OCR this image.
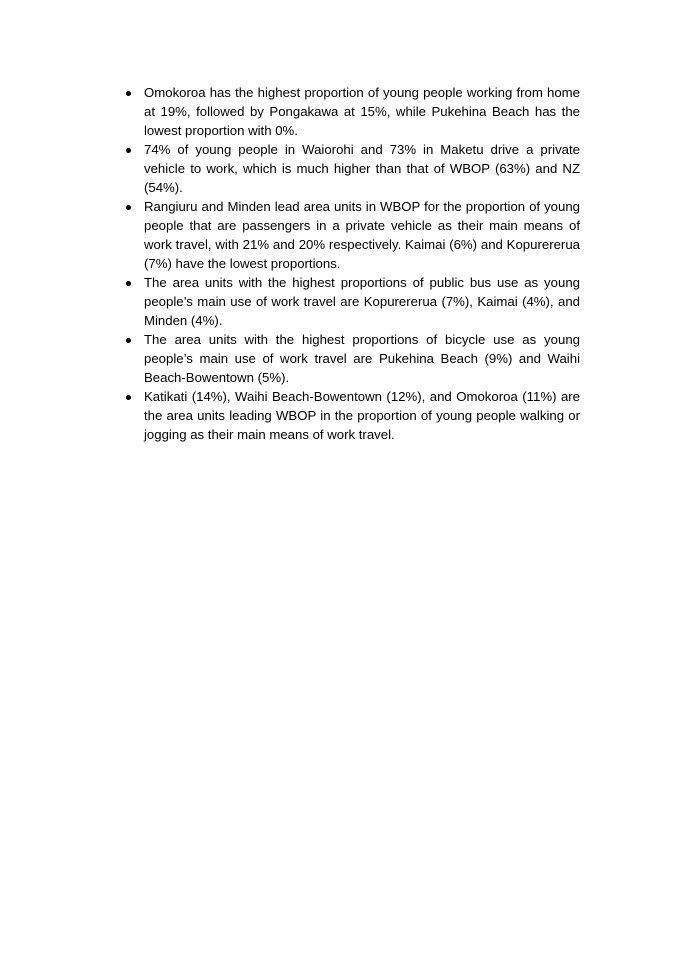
Omokoroa has the highest proportion of young people working from home at 19%, followed by Pongakawa at 15%, while Pukehina Beach has the lowest proportion with 0%.
74% of young people in Waiorohi and 73% in Maketu drive a private vehicle to work, which is much higher than that of WBOP (63%) and NZ (54%).
Rangiuru and Minden lead area units in WBOP for the proportion of young people that are passengers in a private vehicle as their main means of work travel, with 21% and 20% respectively. Kaimai (6%) and Kopurererua (7%) have the lowest proportions.
The area units with the highest proportions of public bus use as young people’s main use of work travel are Kopurererua (7%), Kaimai (4%), and Minden (4%).
The area units with the highest proportions of bicycle use as young people’s main use of work travel are Pukehina Beach (9%) and Waihi Beach-Bowentown (5%).
Katikati (14%), Waihi Beach-Bowentown (12%), and Omokoroa (11%) are the area units leading WBOP in the proportion of young people walking or jogging as their main means of work travel.
